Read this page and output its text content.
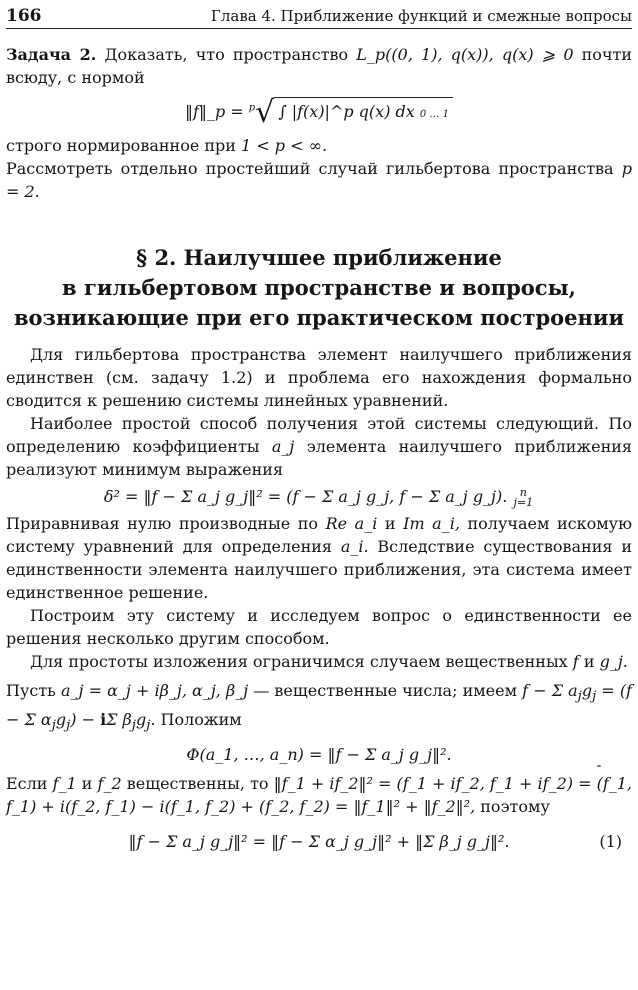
166	Глава 4. Приближение функций и смежные вопросы

Задача 2. Доказать, что пространство L_p((0, 1), q(x)), q(x) ⩾ 0 почти всюду, с нормой

‖f‖_p = $^p$√ ∫ |f(x)|^p q(x) dx 0 … 1

строго нормированное при 1 < p < ∞.
Рассмотреть отдельно простейший случай гильбертова пространства p = 2.

§ 2. Наилучшее приближение
в гильбертовом пространстве и вопросы,
возникающие при его практическом построении

Для гильбертова пространства элемент наилучшего приближения единствен (см. задачу 1.2) и проблема его нахождения формально сводится к решению системы линейных уравнений.

Наиболее простой способ получения этой системы следующий. По определению коэффициенты a_j элемента наилучшего приближения реализуют минимум выражения

δ² = ‖f − Σ a_j g_j‖² = (f − Σ a_j g_j, f − Σ a_j g_j).	n
j=1

Приравнивая нулю производные по Re a_i и Im a_i, получаем искомую систему уравнений для определения a_i. Вследствие существования и единственности элемента наилучшего приближения, эта система имеет единственное решение.

Построим эту систему и исследуем вопрос о единственности ее решения несколько другим способом.

Для простоты изложения ограничимся случаем вещественных f и g_j.

Пусть a_j = α_j + iβ_j, α_j, β_j — вещественные числа; имеем f − Σ $a_jg_j = (f - \Sigma$ $\alpha_jg_j) - i\Sigma$ $\beta_jg_j$. Положим

Φ(a_1, …, a_n) = ‖f − Σ a_j g_j‖².

Если f_1 и f_2 вещественны, то ‖f_1 + if_2‖² = (f_1 + if_2, f_1 + if_2) = (f_1, f_1) + i(f_2, f_1) − i(f_1, f_2) + (f_2, f_2) = ‖f_1‖² + ‖f_2‖², поэтому

‖f − Σ a_j g_j‖² = ‖f − Σ α_j g_j‖² + ‖Σ β_j g_j‖².	(1)
